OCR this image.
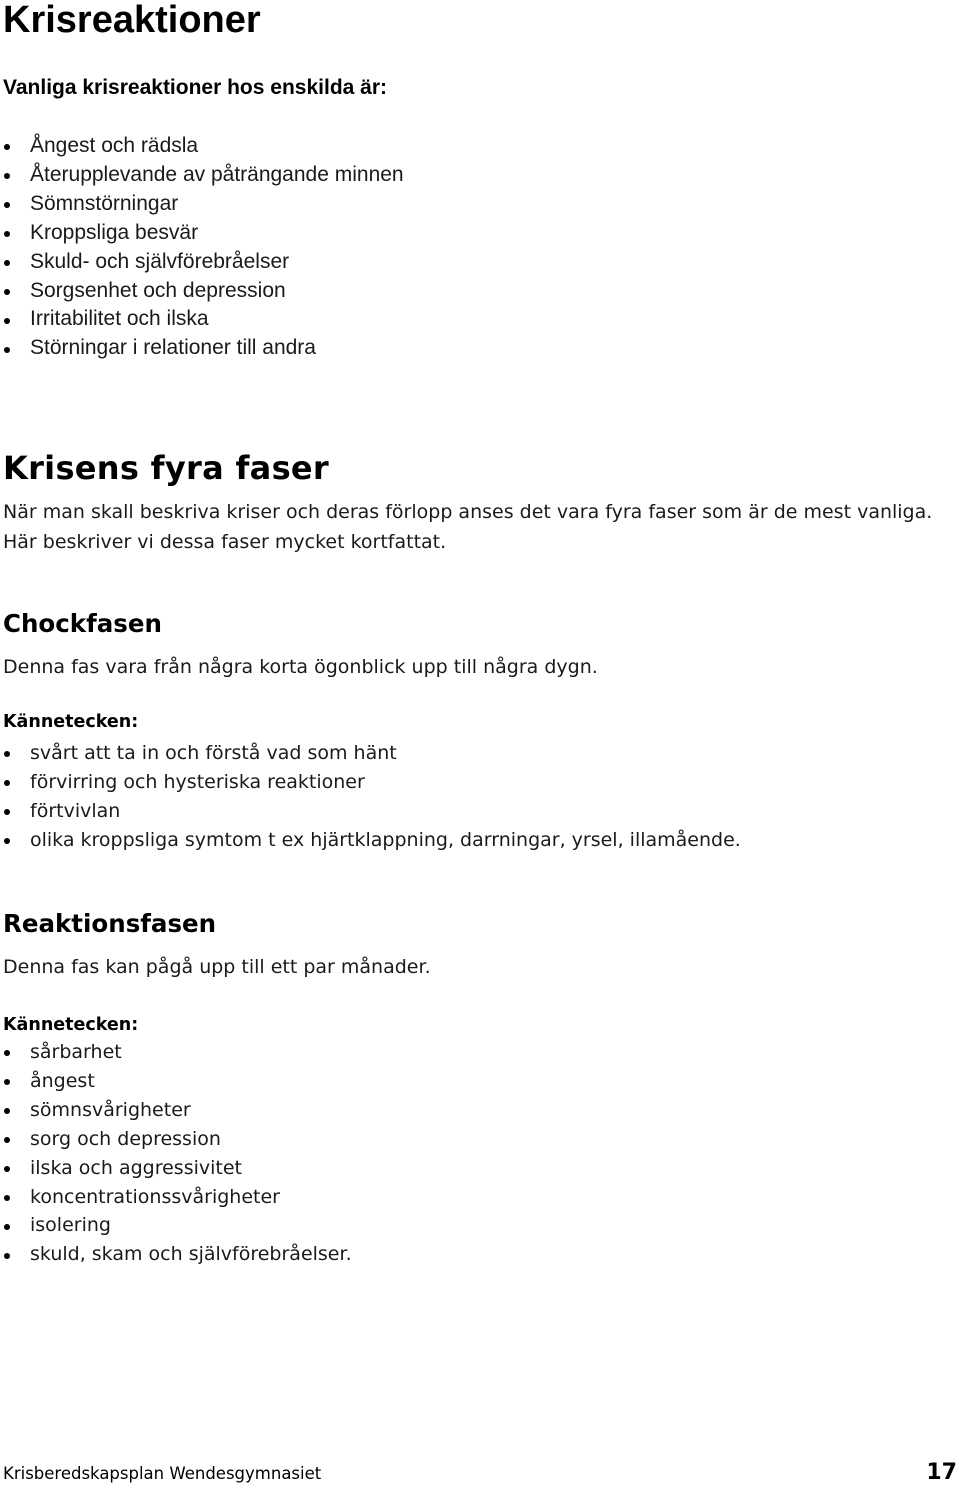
Krisreaktioner
Vanliga krisreaktioner hos enskilda är:
Ångest och rädsla
Återupplevande av påträngande minnen
Sömnstörningar
Kroppsliga besvär
Skuld- och självförebråelser
Sorgsenhet och depression
Irritabilitet och ilska
Störningar i relationer till andra
Krisens fyra faser

När man skall beskriva kriser och deras förlopp anses det vara fyra faser som är de mest vanliga. Här beskriver vi dessa faser mycket kortfattat.

Chockfasen

Denna fas vara från några korta ögonblick upp till några dygn.

Kännetecken:

svårt att ta in och förstå vad som hänt
förvirring och hysteriska reaktioner
förtvivlan
olika kroppsliga symtom t ex hjärtklappning, darrningar, yrsel, illamående.
Reaktionsfasen

Denna fas kan pågå upp till ett par månader.

Kännetecken:

sårbarhet
ångest
sömnsvårigheter
sorg och depression
ilska och aggressivitet
koncentrationssvårigheter
isolering
skuld, skam och självförebråelser.

Krisberedskapsplan Wendesgymnasiet	17
